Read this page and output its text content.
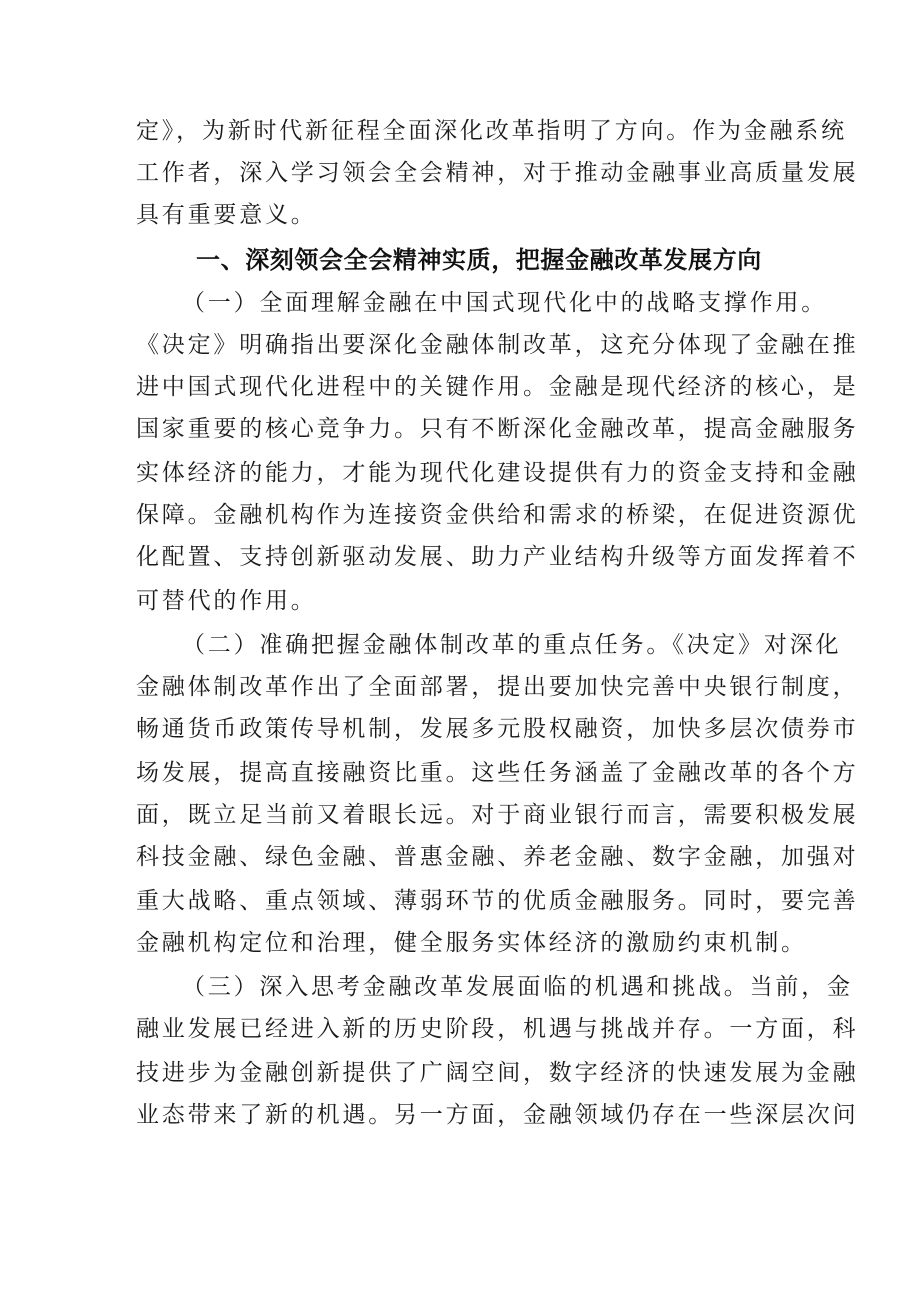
定》，为新时代新征程全面深化改革指明了方向。作为金融系统
工作者，深入学习领会全会精神，对于推动金融事业高质量发展
具有重要意义。
一、深刻领会全会精神实质，把握金融改革发展方向
（一）全面理解金融在中国式现代化中的战略支撑作用。
《决定》明确指出要深化金融体制改革，这充分体现了金融在推
进中国式现代化进程中的关键作用。金融是现代经济的核心，是
国家重要的核心竞争力。只有不断深化金融改革，提高金融服务
实体经济的能力，才能为现代化建设提供有力的资金支持和金融
保障。金融机构作为连接资金供给和需求的桥梁，在促进资源优
化配置、支持创新驱动发展、助力产业结构升级等方面发挥着不
可替代的作用。
（二）准确把握金融体制改革的重点任务。《决定》对深化
金融体制改革作出了全面部署，提出要加快完善中央银行制度，
畅通货币政策传导机制，发展多元股权融资，加快多层次债券市
场发展，提高直接融资比重。这些任务涵盖了金融改革的各个方
面，既立足当前又着眼长远。对于商业银行而言，需要积极发展
科技金融、绿色金融、普惠金融、养老金融、数字金融，加强对
重大战略、重点领域、薄弱环节的优质金融服务。同时，要完善
金融机构定位和治理，健全服务实体经济的激励约束机制。
（三）深入思考金融改革发展面临的机遇和挑战。当前，金
融业发展已经进入新的历史阶段，机遇与挑战并存。一方面，科
技进步为金融创新提供了广阔空间，数字经济的快速发展为金融
业态带来了新的机遇。另一方面，金融领域仍存在一些深层次问
